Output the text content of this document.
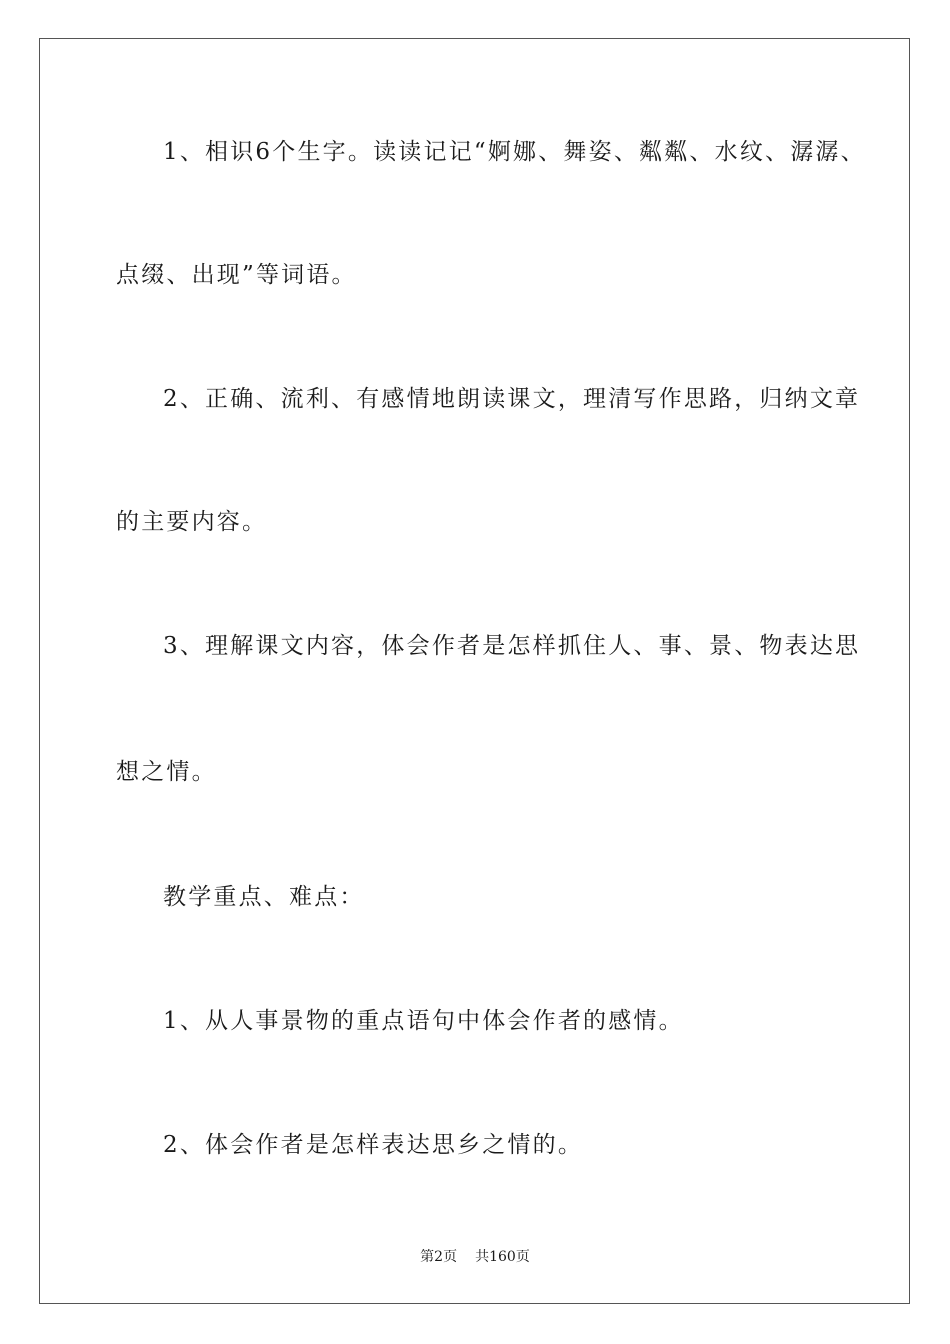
1、相识6个生字。读读记记“婀娜、舞姿、粼粼、水纹、潺潺、
点缀、出现”等词语。
2、正确、流利、有感情地朗读课文，理清写作思路，归纳文章
的主要内容。
3、理解课文内容，体会作者是怎样抓住人、事、景、物表达思
想之情。
教学重点、难点：
1、从人事景物的重点语句中体会作者的感情。
2、体会作者是怎样表达思乡之情的。
第2页 共160页
